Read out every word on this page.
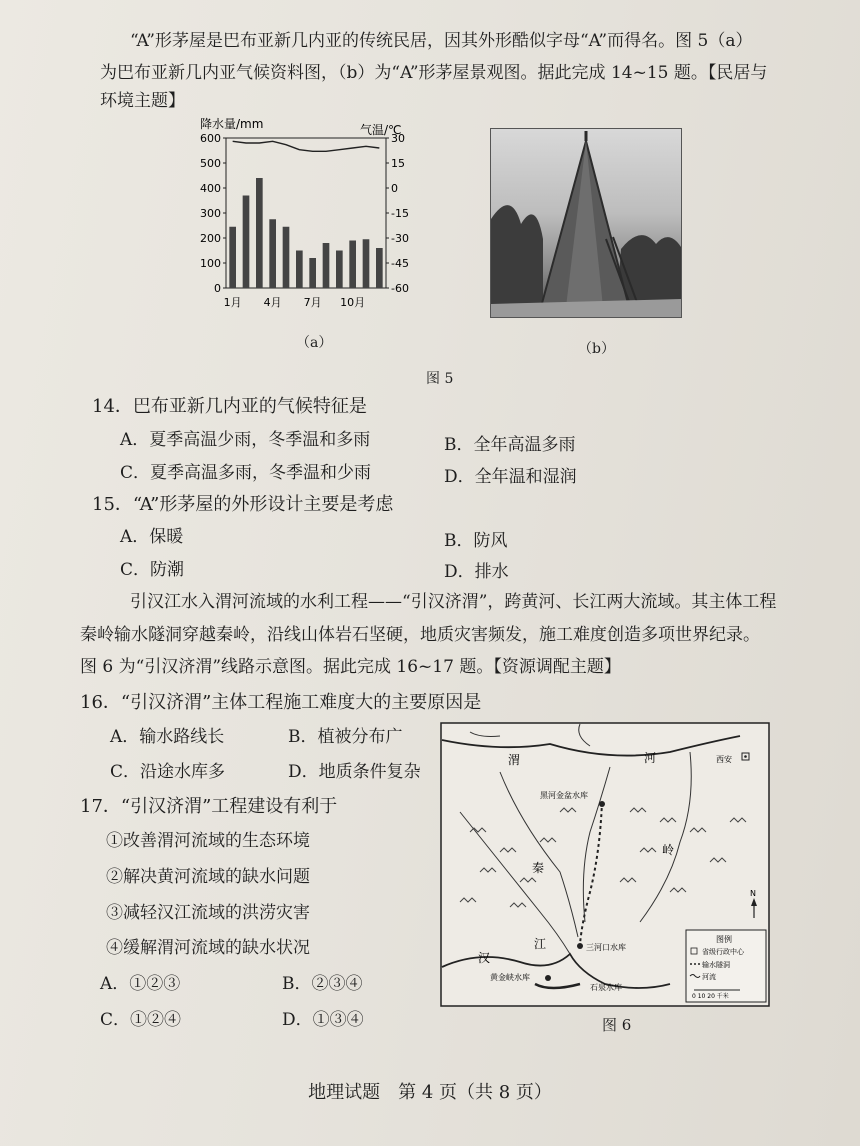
“A”形茅屋是巴布亚新几内亚的传统民居，因其外形酷似字母“A”而得名。图 5（a）
为巴布亚新几内亚气候资料图，（b）为“A”形茅屋景观图。据此完成 14~15 题。【民居与
环境主题】
降水量/mm	气温/℃
0
100
200
300
400
500
600	30
15
0
-15
-30
-45
-60
1月 4月 7月 10月
（a）	（b）
图 5
14．巴布亚新几内亚的气候特征是
A．夏季高温少雨，冬季温和多雨	B．全年高温多雨
C．夏季高温多雨，冬季温和少雨	D．全年温和湿润
15．“A”形茅屋的外形设计主要是考虑
A．保暖	B．防风
C．防潮	D．排水
引汉江水入渭河流域的水利工程——“引汉济渭”，跨黄河、长江两大流域。其主体工程
秦岭输水隧洞穿越秦岭，沿线山体岩石坚硬，地质灾害频发，施工难度创造多项世界纪录。
图 6 为“引汉济渭”线路示意图。据此完成 16~17 题。【资源调配主题】
16．“引汉济渭”主体工程施工难度大的主要原因是
A．输水路线长	B．植被分布广
C．沿途水库多	D．地质条件复杂
17．“引汉济渭”工程建设有利于
①改善渭河流域的生态环境
②解决黄河流域的缺水问题
③减轻汉江流域的洪涝灾害
④缓解渭河流域的缺水状况
A．①②③	B．②③④
C．①②④	D．①③④
渭	河	西安
黑河金盆水库
秦
岭
汉
江	三河口水库
黄金峡水库
石泉水库
N
图例
省级行政中心
输水隧洞
河流
0 10 20 千米
图 6
地理试题　第 4 页（共 8 页）
